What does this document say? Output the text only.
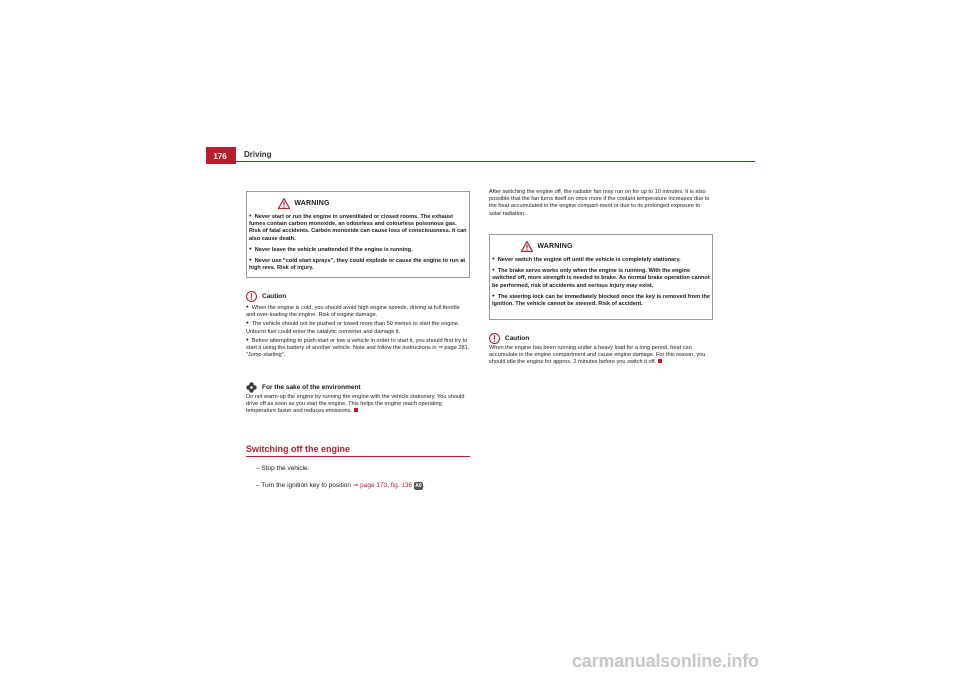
176	Driving
WARNING

● Never start or run the engine in unventilated or closed rooms. The exhaust fumes contain carbon monoxide, an odourless and colourless poisonous gas. Risk of fatal accidents. Carbon monoxide can cause loss of consciousness. It can also cause death.

● Never leave the vehicle unattended if the engine is running.

● Never use “cold start sprays”, they could explode or cause the engine to run at high revs. Risk of injury.

Caution

● When the engine is cold, you should avoid high engine speeds, driving at full throttle and over-loading the engine. Risk of engine damage.

● The vehicle should not be pushed or towed more than 50 metres to start the engine. Unburnt fuel could enter the catalytic converter and damage it.

● Before attempting to push-start or tow a vehicle in order to start it, you should first try to start it using the battery of another vehicle. Note and follow the instructions in ⇒ page 281, “Jump-starting”.

For the sake of the environment

Do not warm-up the engine by running the engine with the vehicle stationary. You should drive off as soon as you start the engine. This helps the engine reach operating temperature faster and reduces emissions.

Switching off the engine

– Stop the vehicle.

– Turn the ignition key to position ⇒ page 173, fig. 136 A0.

After switching the engine off, the radiator fan may run on for up to 10 minutes. It is also possible that the fan turns itself on once more if the coolant temperature increases due to the heat accumulated in the engine compart-ment or due to its prolonged exposure to solar radiation.

WARNING

● Never switch the engine off until the vehicle is completely stationary.

● The brake servo works only when the engine is running. With the engine switched off, more strength is needed to brake. As normal brake operation cannot be performed, risk of accidents and serious injury may exist.

● The steering lock can be immediately blocked once the key is removed from the ignition. The vehicle cannot be steered. Risk of accident.

Caution

When the engine has been running under a heavy load for a long period, heat can accumulate in the engine compartment and cause engine damage. For this reason, you should idle the engine for approx. 2 minutes before you switch it off.

carmanualsonline.info
